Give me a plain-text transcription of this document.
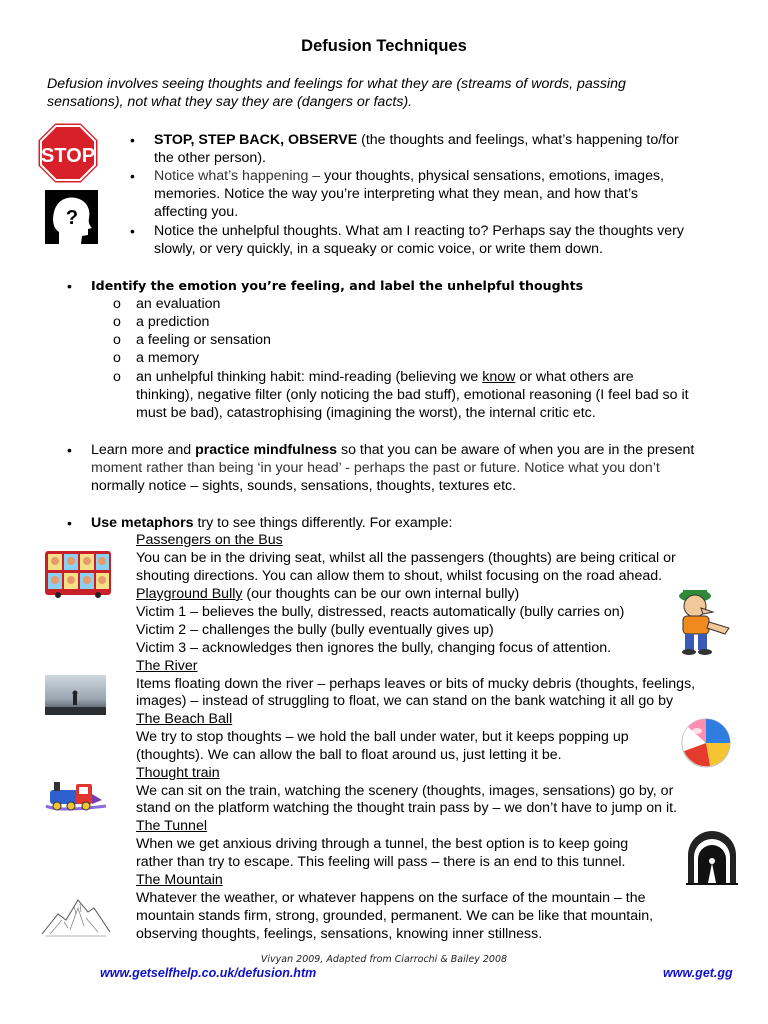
Defusion Techniques
Defusion involves seeing thoughts and feelings for what they are (streams of words, passing
sensations), not what they say they are (dangers or facts).
STOP
?
• STOP, STEP BACK, OBSERVE (the thoughts and feelings, what’s happening to/for
the other person).
• Notice what’s happening – your thoughts, physical sensations, emotions, images,
memories. Notice the way you’re interpreting what they mean, and how that’s
affecting you.
• Notice the unhelpful thoughts. What am I reacting to? Perhaps say the thoughts very
slowly, or very quickly, in a squeaky or comic voice, or write them down.
• Identify the emotion you’re feeling, and label the unhelpful thoughts
o an evaluation
o a prediction
o a feeling or sensation
o a memory
o an unhelpful thinking habit: mind-reading (believing we know or what others are
thinking), negative filter (only noticing the bad stuff), emotional reasoning (I feel bad so it
must be bad), catastrophising (imagining the worst), the internal critic etc.
• Learn more and practice mindfulness so that you can be aware of when you are in the present
moment rather than being ‘in your head’ - perhaps the past or future. Notice what you don’t
normally notice – sights, sounds, sensations, thoughts, textures etc.
• Use metaphors try to see things differently. For example:
Passengers on the Bus
You can be in the driving seat, whilst all the passengers (thoughts) are being critical or
shouting directions. You can allow them to shout, whilst focusing on the road ahead.
Playground Bully (our thoughts can be our own internal bully)
Victim 1 – believes the bully, distressed, reacts automatically (bully carries on)
Victim 2 – challenges the bully (bully eventually gives up)
Victim 3 – acknowledges then ignores the bully, changing focus of attention.
The River
Items floating down the river – perhaps leaves or bits of mucky debris (thoughts, feelings,
images) – instead of struggling to float, we can stand on the bank watching it all go by
The Beach Ball
We try to stop thoughts – we hold the ball under water, but it keeps popping up
(thoughts). We can allow the ball to float around us, just letting it be.
Thought train
We can sit on the train, watching the scenery (thoughts, images, sensations) go by, or
stand on the platform watching the thought train pass by – we don’t have to jump on it.
The Tunnel
When we get anxious driving through a tunnel, the best option is to keep going
rather than try to escape. This feeling will pass – there is an end to this tunnel.
The Mountain
Whatever the weather, or whatever happens on the surface of the mountain – the
mountain stands firm, strong, grounded, permanent. We can be like that mountain,
observing thoughts, feelings, sensations, knowing inner stillness.
Vivyan 2009, Adapted from Ciarrochi & Bailey 2008
www.getselfhelp.co.uk/defusion.htm	www.get.gg
